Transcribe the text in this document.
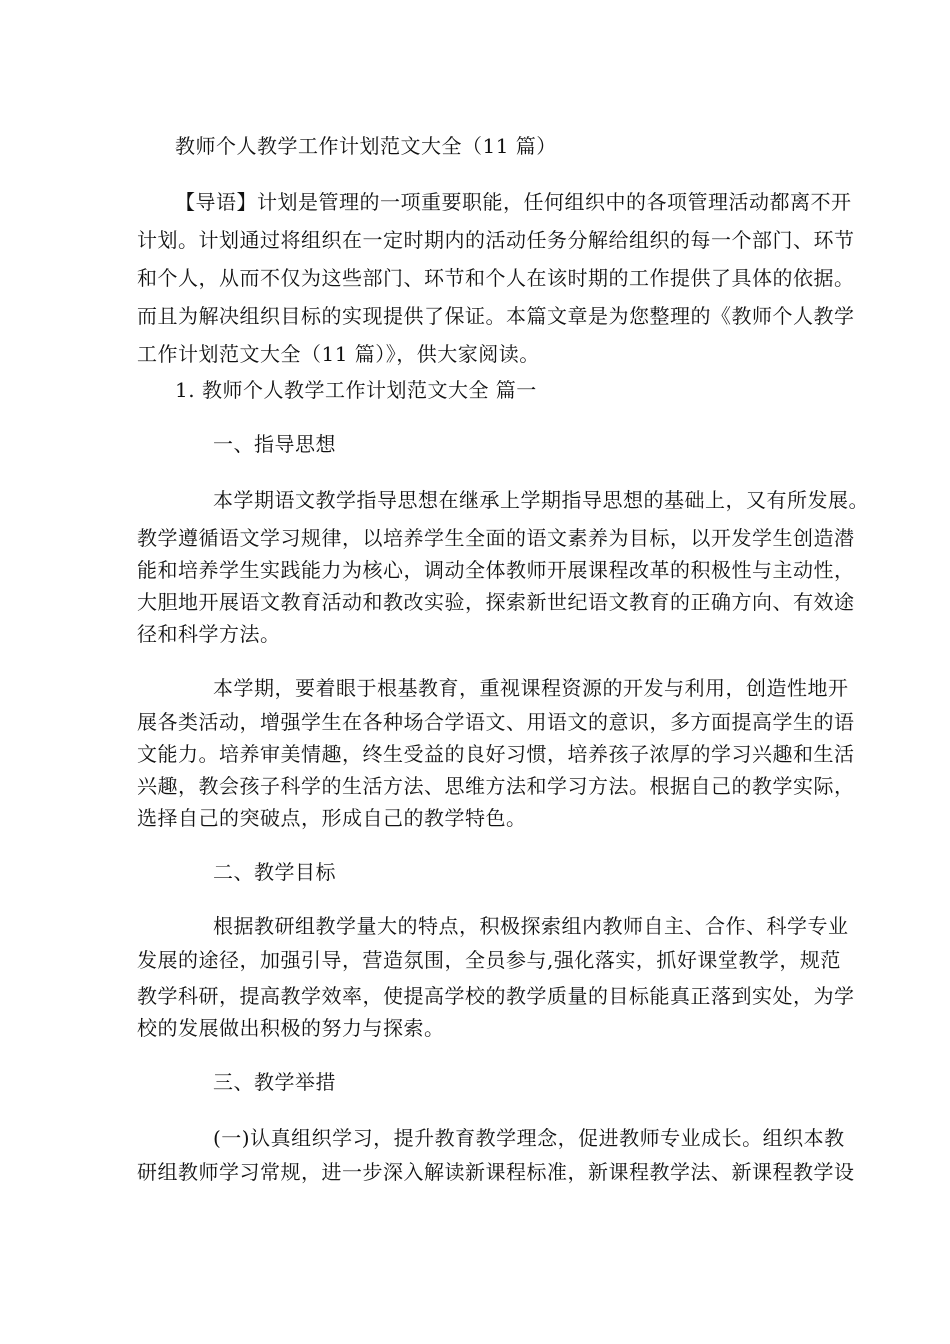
教师个人教学工作计划范文大全（11 篇）
【导语】计划是管理的一项重要职能，任何组织中的各项管理活动都离不开
计划。计划通过将组织在一定时期内的活动任务分解给组织的每一个部门、环节
和个人，从而不仅为这些部门、环节和个人在该时期的工作提供了具体的依据。
而且为解决组织目标的实现提供了保证。本篇文章是为您整理的《教师个人教学
工作计划范文大全（11 篇）》，供大家阅读。
1. 教师个人教学工作计划范文大全 篇一
一、指导思想
本学期语文教学指导思想在继承上学期指导思想的基础上，又有所发展。
教学遵循语文学习规律，以培养学生全面的语文素养为目标，以开发学生创造潜
能和培养学生实践能力为核心，调动全体教师开展课程改革的积极性与主动性，
大胆地开展语文教育活动和教改实验，探索新世纪语文教育的正确方向、有效途
径和科学方法。
本学期，要着眼于根基教育，重视课程资源的开发与利用，创造性地开
展各类活动，增强学生在各种场合学语文、用语文的意识，多方面提高学生的语
文能力。培养审美情趣，终生受益的良好习惯，培养孩子浓厚的学习兴趣和生活
兴趣，教会孩子科学的生活方法、思维方法和学习方法。根据自己的教学实际，
选择自己的突破点，形成自己的教学特色。
二、教学目标
根据教研组教学量大的特点，积极探索组内教师自主、合作、科学专业
发展的途径，加强引导，营造氛围，全员参与,强化落实，抓好课堂教学，规范
教学科研，提高教学效率，使提高学校的教学质量的目标能真正落到实处，为学
校的发展做出积极的努力与探索。
三、教学举措
(一)认真组织学习，提升教育教学理念，促进教师专业成长。组织本教
研组教师学习常规，进一步深入解读新课程标准，新课程教学法、新课程教学设
